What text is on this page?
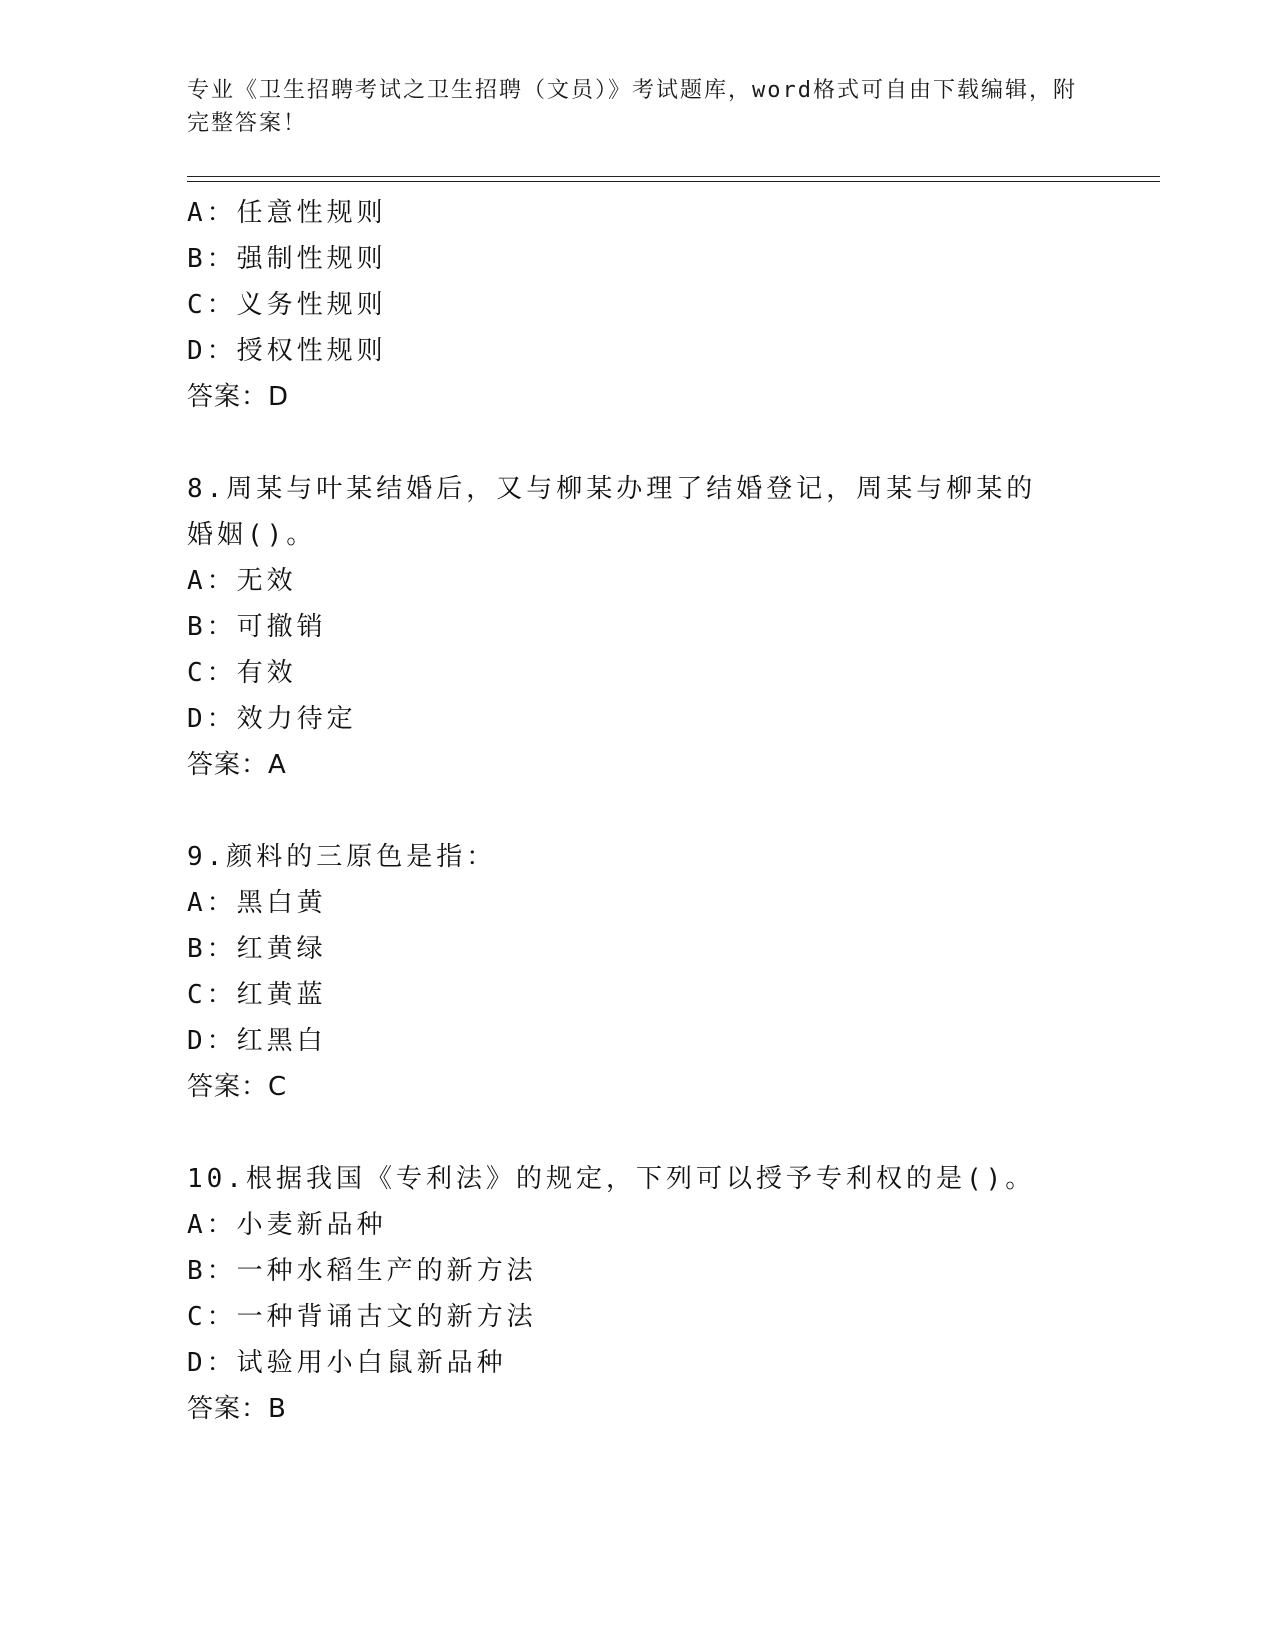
专业《卫生招聘考试之卫生招聘（文员）》考试题库，word格式可自由下载编辑，附完整答案！
A：任意性规则
B：强制性规则
C：义务性规则
D：授权性规则
答案：D
8.周某与叶某结婚后，又与柳某办理了结婚登记，周某与柳某的婚姻()。
A：无效
B：可撤销
C：有效
D：效力待定
答案：A
9.颜料的三原色是指：
A：黑白黄
B：红黄绿
C：红黄蓝
D：红黑白
答案：C
10.根据我国《专利法》的规定，下列可以授予专利权的是()。
A：小麦新品种
B：一种水稻生产的新方法
C：一种背诵古文的新方法
D：试验用小白鼠新品种
答案：B
